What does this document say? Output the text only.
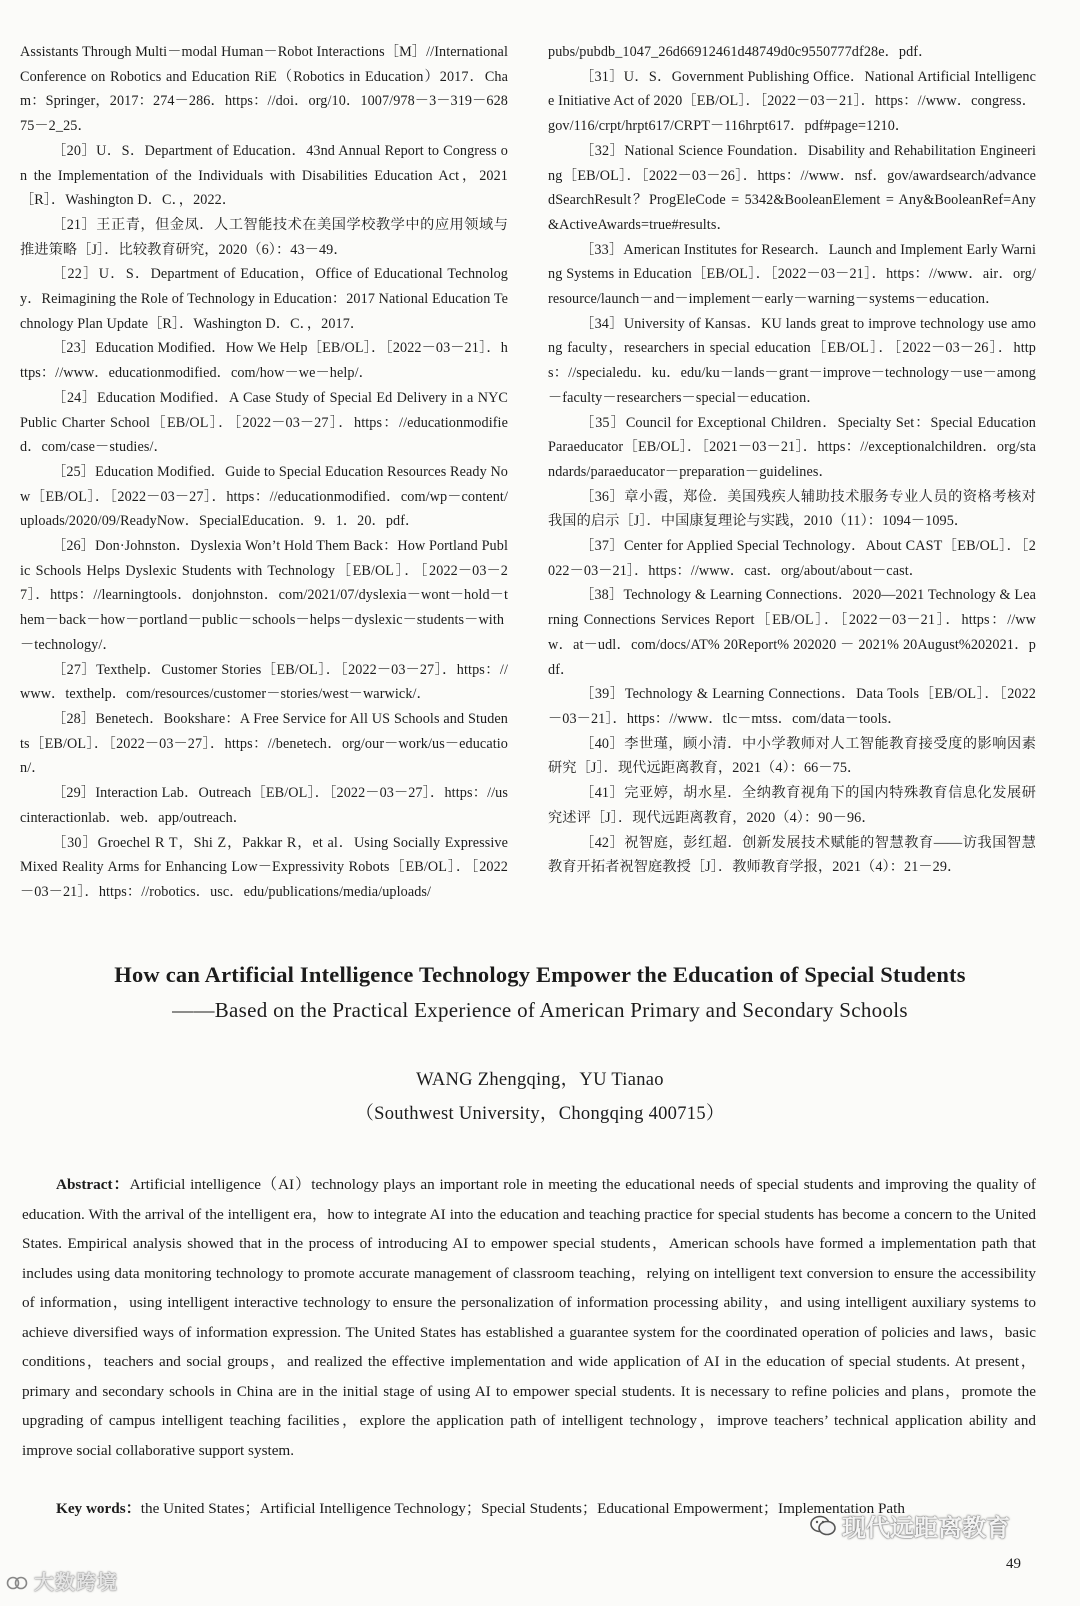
Assistants Through Multi－modal Human－Robot Interactions［M］//International Conference on Robotics and Education RiE（Robotics in Education）2017．Cham：Springer，2017：274－286．https：//doi．org/10．1007/978－3－319－62875－2_25．

［20］U．S．Department of Education．43nd Annual Report to Congress on the Implementation of the Individuals with Disabilities Education Act，2021［R］．Washington D．C．，2022．

［21］王正青，但金凤．人工智能技术在美国学校教学中的应用领域与推进策略［J］．比较教育研究，2020（6）：43－49．

［22］U．S．Department of Education，Office of Educational Technology．Reimagining the Role of Technology in Education：2017 National Education Technology Plan Update［R］．Washington D．C．，2017．

［23］Education Modified．How We Help［EB/OL］．［2022－03－21］．https：//www．educationmodified．com/how－we－help/．

［24］Education Modified．A Case Study of Special Ed Delivery in a NYC Public Charter School［EB/OL］．［2022－03－27］．https：//educationmodified．com/case－studies/．

［25］Education Modified．Guide to Special Education Resources Ready Now［EB/OL］．［2022－03－27］．https：//educationmodified．com/wp－content/uploads/2020/09/ReadyNow．SpecialEducation．9．1．20．pdf．

［26］Don·Johnston．Dyslexia Won’t Hold Them Back：How Portland Public Schools Helps Dyslexic Students with Technology［EB/OL］．［2022－03－27］．https：//learningtools．donjohnston．com/2021/07/dyslexia－wont－hold－them－back－how－portland－public－schools－helps－dyslexic－students－with－technology/．

［27］Texthelp．Customer Stories［EB/OL］．［2022－03－27］．https：//www．texthelp．com/resources/customer－stories/west－warwick/．

［28］Benetech．Bookshare：A Free Service for All US Schools and Students［EB/OL］．［2022－03－27］．https：//benetech．org/our－work/us－education/．

［29］Interaction Lab．Outreach［EB/OL］．［2022－03－27］．https：//uscinteractionlab．web．app/outreach．

［30］Groechel R T，Shi Z，Pakkar R，et al．Using Socially Expressive Mixed Reality Arms for Enhancing Low－Expressivity Robots［EB/OL］．［2022－03－21］．https：//robotics．usc．edu/publications/media/uploads/

pubs/pubdb_1047_26d66912461d48749d0c9550777df28e．pdf．

［31］U．S．Government Publishing Office．National Artificial Intelligence Initiative Act of 2020［EB/OL］．［2022－03－21］．https：//www．congress．gov/116/crpt/hrpt617/CRPT－116hrpt617．pdf#page=1210．

［32］National Science Foundation．Disability and Rehabilitation Engineering［EB/OL］．［2022－03－26］．https：//www．nsf．gov/awardsearch/advancedSearchResult？ProgEleCode = 5342&BooleanElement = Any&BooleanRef=Any&ActiveAwards=true#results．

［33］American Institutes for Research．Launch and Implement Early Warning Systems in Education［EB/OL］．［2022－03－21］．https：//www．air．org/resource/launch－and－implement－early－warning－systems－education．

［34］University of Kansas．KU lands great to improve technology use among faculty，researchers in special education［EB/OL］．［2022－03－26］．https：//specialedu．ku．edu/ku－lands－grant－improve－technology－use－among－faculty－researchers－special－education．

［35］Council for Exceptional Children．Specialty Set：Special Education Paraeducator［EB/OL］．［2021－03－21］．https：//exceptionalchildren．org/standards/paraeducator－preparation－guidelines．

［36］章小霞，郑俭．美国残疾人辅助技术服务专业人员的资格考核对我国的启示［J］．中国康复理论与实践，2010（11）：1094－1095．

［37］Center for Applied Special Technology．About CAST［EB/OL］．［2022－03－21］．https：//www．cast．org/about/about－cast．

［38］Technology & Learning Connections．2020—2021 Technology & Learning Connections Services Report［EB/OL］．［2022－03－21］．https：//www．at－udl．com/docs/AT% 20Report% 202020 － 2021% 20August%202021．pdf．

［39］Technology & Learning Connections．Data Tools［EB/OL］．［2022－03－21］．https：//www．tlc－mtss．com/data－tools．

［40］李世瑾，顾小清．中小学教师对人工智能教育接受度的影响因素研究［J］．现代远距离教育，2021（4）：66－75．

［41］完亚婷，胡水星．全纳教育视角下的国内特殊教育信息化发展研究述评［J］．现代远距离教育，2020（4）：90－96．

［42］祝智庭，彭红超．创新发展技术赋能的智慧教育——访我国智慧教育开拓者祝智庭教授［J］．教师教育学报，2021（4）：21－29．

How can Artificial Intelligence Technology Empower the Education of Special Students

——Based on the Practical Experience of American Primary and Secondary Schools

WANG Zhengqing，YU Tianao

（Southwest University，Chongqing 400715）

Abstract：Artificial intelligence（AI）technology plays an important role in meeting the educational needs of special students and improving the quality of education. With the arrival of the intelligent era，how to integrate AI into the education and teaching practice for special students has become a concern to the United States. Empirical analysis showed that in the process of introducing AI to empower special students，American schools have formed a implementation path that includes using data monitoring technology to promote accurate management of classroom teaching，relying on intelligent text conversion to ensure the accessibility of information，using intelligent interactive technology to ensure the personalization of information processing ability，and using intelligent auxiliary systems to achieve diversified ways of information expression. The United States has established a guarantee system for the coordinated operation of policies and laws，basic conditions，teachers and social groups，and realized the effective implementation and wide application of AI in the education of special students. At present，primary and secondary schools in China are in the initial stage of using AI to empower special students. It is necessary to refine policies and plans，promote the upgrading of campus intelligent teaching facilities，explore the application path of intelligent technology，improve teachers’ technical application ability and improve social collaborative support system.

Key words：the United States；Artificial Intelligence Technology；Special Students；Educational Empowerment；Implementation Path

现代远距离教育
49
大数跨境
